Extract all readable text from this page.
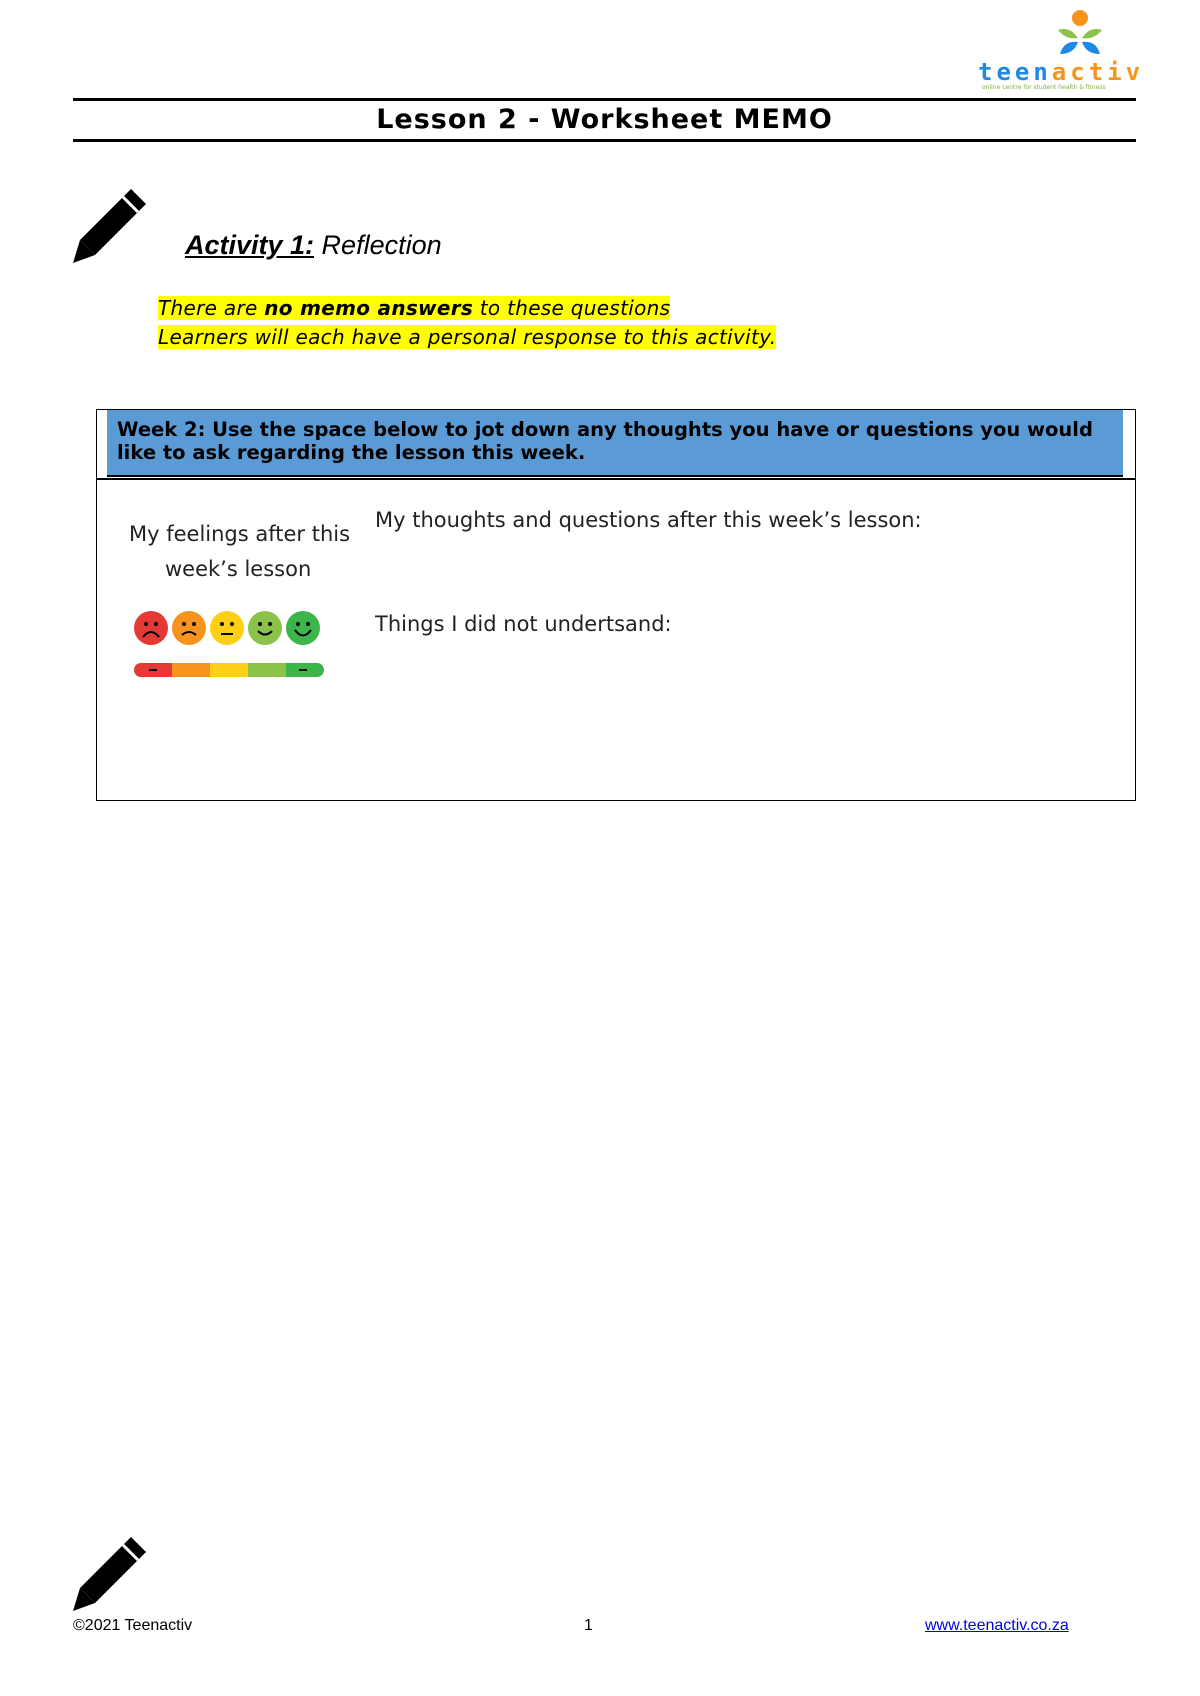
teenactiv
online centre for student health & fitness
Lesson 2 - Worksheet MEMO
Activity 1: Reflection
There are no memo answers to these questions
Learners will each have a personal response to this activity.
Week 2: Use the space below to jot down any thoughts you have or questions you would like to ask regarding the lesson this week.
My feelings after this
week’s lesson
My thoughts and questions after this week’s lesson:
Things I did not undertsand:
©2021 Teenactiv	1	www.teenactiv.co.za
